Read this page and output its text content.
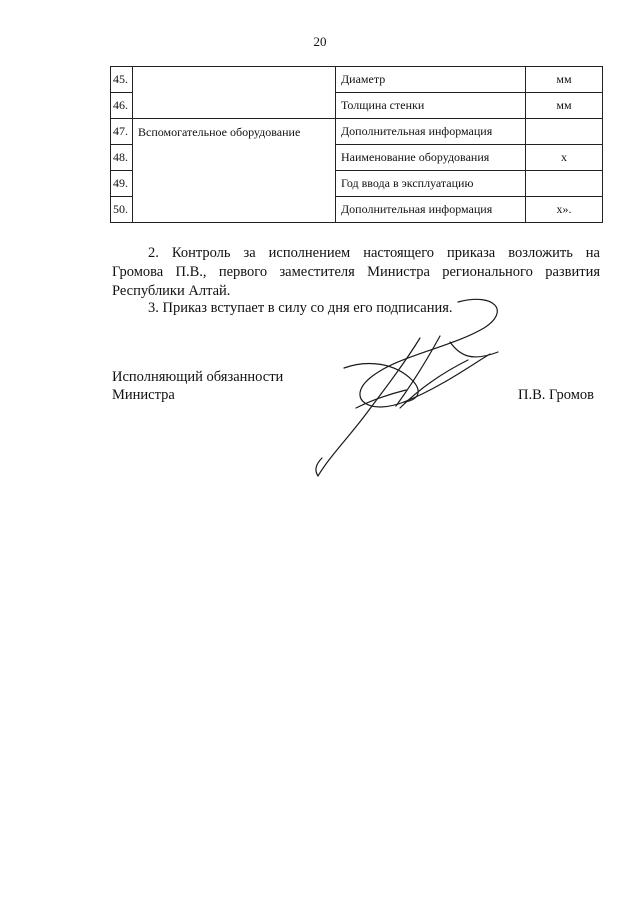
20
45.		Диаметр	мм
46.		Толщина стенки	мм
47.	Вспомогательное оборудование	Дополнительная информация	
48.		Наименование оборудования	х
49.		Год ввода в эксплуатацию	
50.		Дополнительная информация	х».
2. Контроль за исполнением настоящего приказа возложить на
Громова П.В., первого заместителя Министра регионального развития
Республики Алтай.
3. Приказ вступает в силу со дня его подписания.
Исполняющий обязанности
Министра	П.В. Громов
